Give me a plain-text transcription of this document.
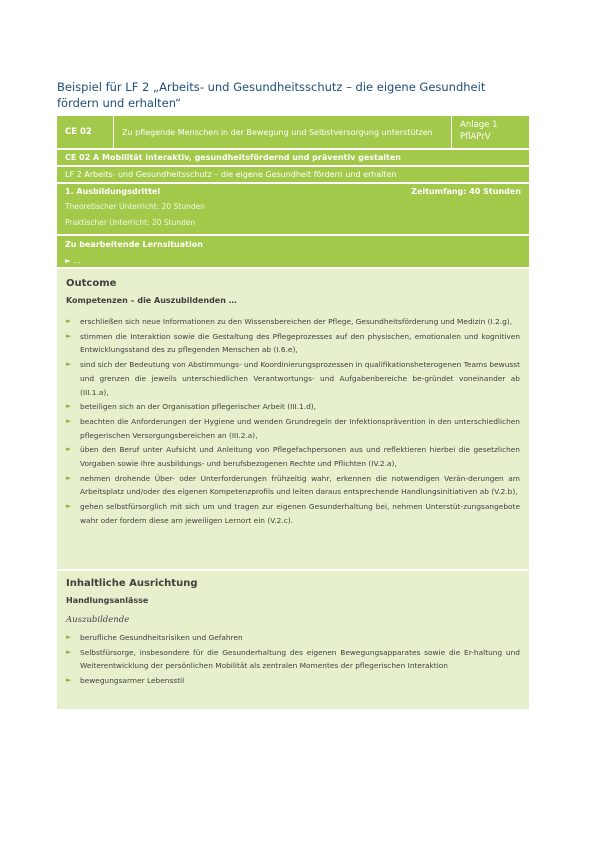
Beispiel für LF 2 „Arbeits- und Gesundheitsschutz – die eigene Gesundheit fördern und erhalten“
CE 02	Zu pflegende Menschen in der Bewegung und Selbstversorgung unterstützen
Anlage 1
PflAPrV
CE 02 A Mobilität interaktiv, gesundheitsfördernd und präventiv gestalten
LF 2 Arbeits- und Gesundheitsschutz – die eigene Gesundheit fördern und erhalten
1. Ausbildungsdrittel	Zeitumfang: 40 Stunden
Theoretischer Unterricht: 20 Stunden
Praktischer Unterricht: 20 Stunden
Zu bearbeitende Lernsituation
► …
Outcome
Kompetenzen – die Auszubildenden …
► erschließen sich neue Informationen zu den Wissensbereichen der Pflege, Gesundheitsförderung und Medizin (I.2.g),
► stimmen die Interaktion sowie die Gestaltung des Pflegeprozesses auf den physischen, emotionalen und kognitiven Entwicklungsstand des zu pflegenden Menschen ab (I.6.e),
► sind sich der Bedeutung von Abstimmungs- und Koordinierungsprozessen in qualifikationsheterogenen Teams bewusst und grenzen die jeweils unterschiedlichen Verantwortungs- und Aufgabenbereiche be-gründet voneinander ab (III.1.a),
► beteiligen sich an der Organisation pflegerischer Arbeit (III.1.d),
► beachten die Anforderungen der Hygiene und wenden Grundregeln der Infektionsprävention in den unterschiedlichen pflegerischen Versorgungsbereichen an (III.2.a),
► üben den Beruf unter Aufsicht und Anleitung von Pflegefachpersonen aus und reflektieren hierbei die gesetzlichen Vorgaben sowie ihre ausbildungs- und berufsbezogenen Rechte und Pflichten (IV.2.a),
► nehmen drohende Über- oder Unterforderungen frühzeitig wahr, erkennen die notwendigen Verän-derungen am Arbeitsplatz und/oder des eigenen Kompetenzprofils und leiten daraus entsprechende Handlungsinitiativen ab (V.2.b),
► gehen selbstfürsorglich mit sich um und tragen zur eigenen Gesunderhaltung bei, nehmen Unterstüt-zungsangebote wahr oder fordern diese am jeweiligen Lernort ein (V.2.c).
Inhaltliche Ausrichtung
Handlungsanlässe
Auszubildende
► berufliche Gesundheitsrisiken und Gefahren
► Selbstfürsorge, insbesondere für die Gesunderhaltung des eigenen Bewegungsapparates sowie die Er-haltung und Weiterentwicklung der persönlichen Mobilität als zentralen Momentes der pflegerischen Interaktion
► bewegungsarmer Lebensstil
